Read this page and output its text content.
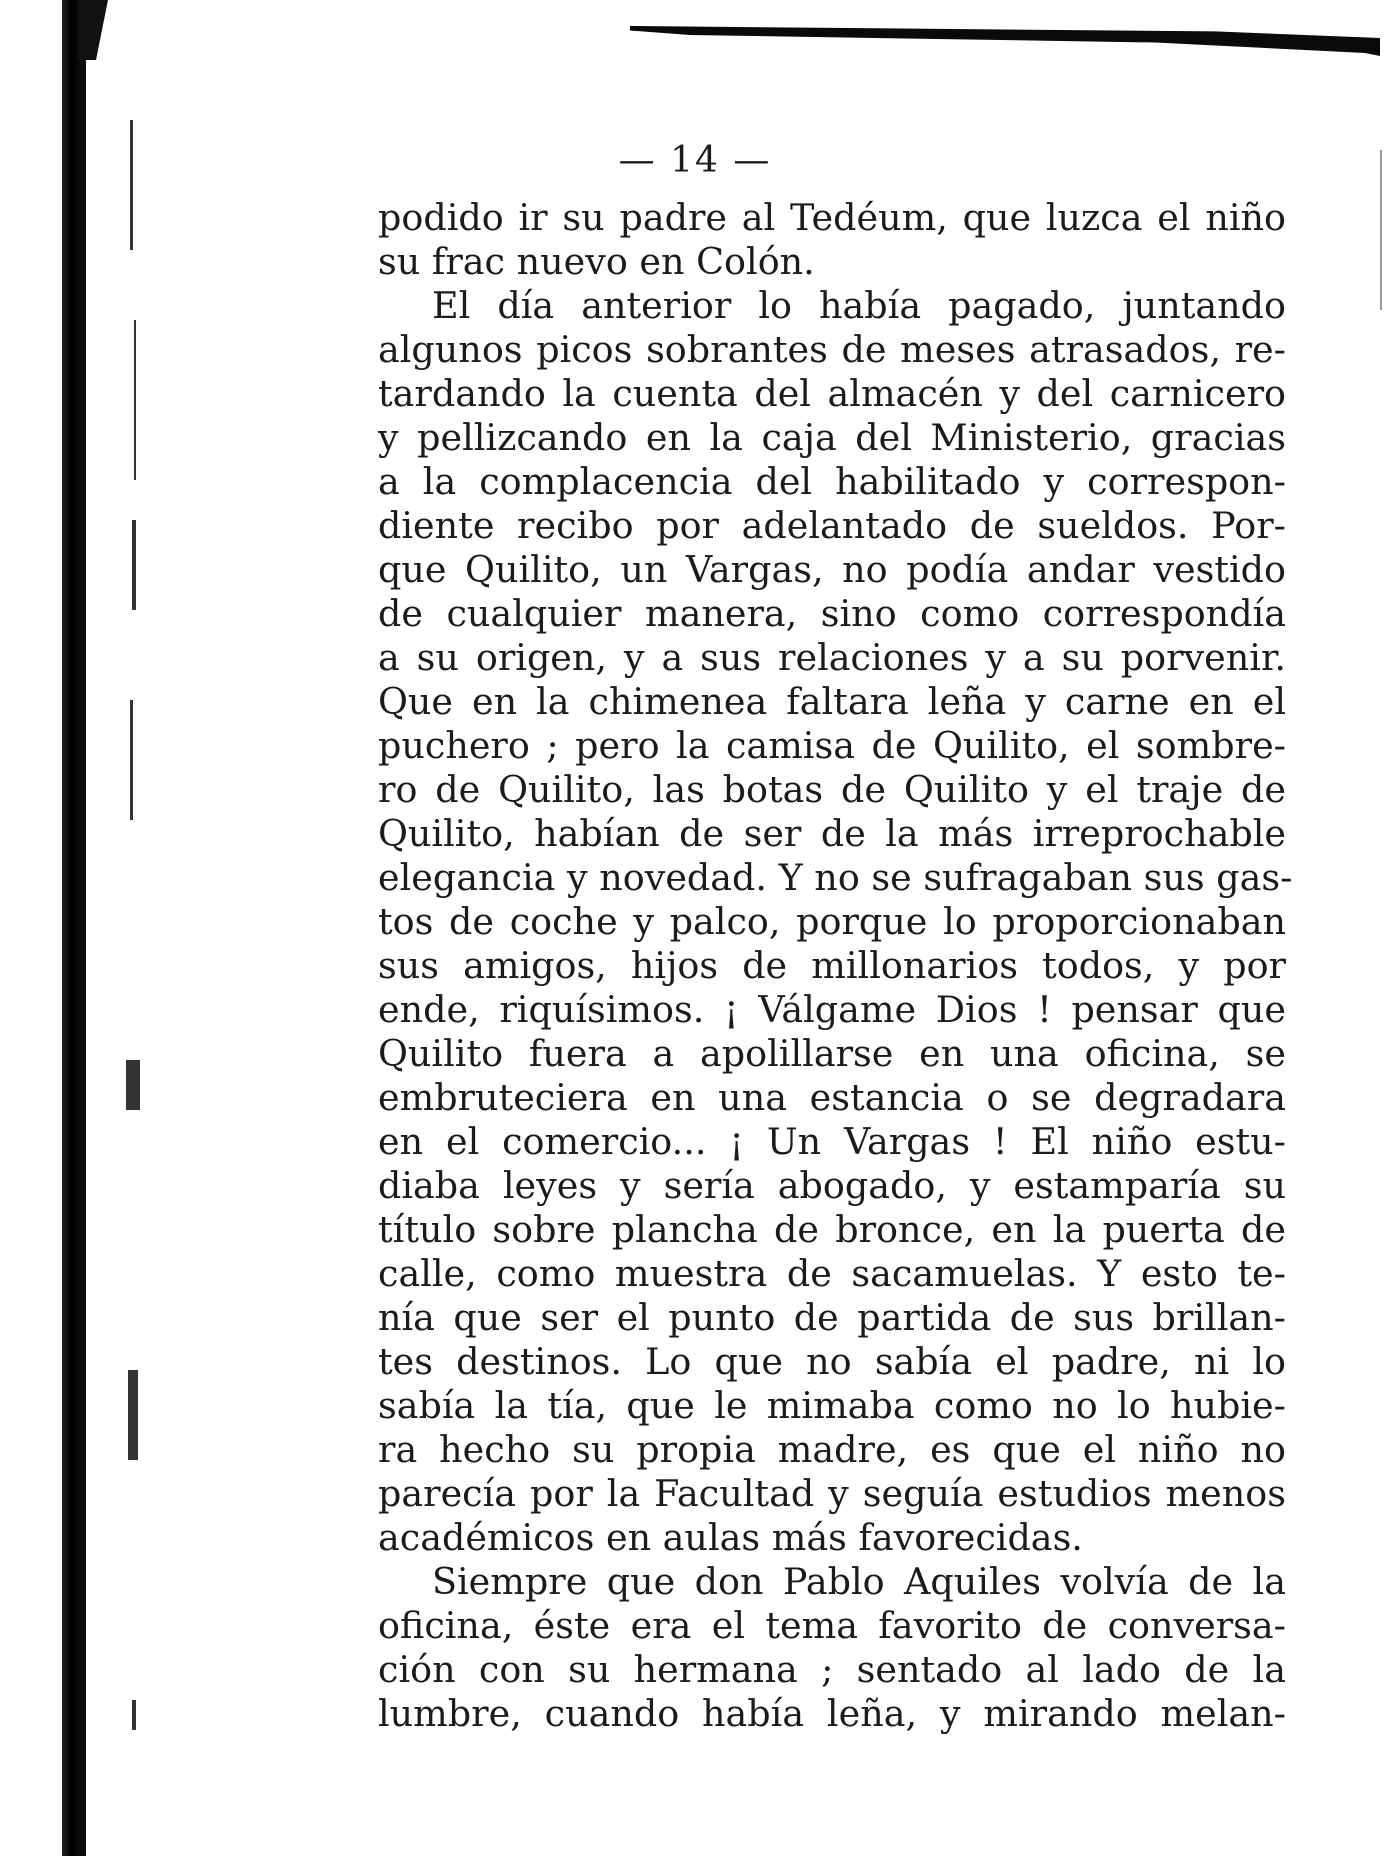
— 14 —
podido ir su padre al Tedéum, que luzca el niño
su frac nuevo en Colón.
El día anterior lo había pagado, juntando
algunos picos sobrantes de meses atrasados, re-
tardando la cuenta del almacén y del carnicero
y pellizcando en la caja del Ministerio, gracias
a la complacencia del habilitado y correspon-
diente recibo por adelantado de sueldos. Por-
que Quilito, un Vargas, no podía andar vestido
de cualquier manera, sino como correspondía
a su origen, y a sus relaciones y a su porvenir.
Que en la chimenea faltara leña y carne en el
puchero ; pero la camisa de Quilito, el sombre-
ro de Quilito, las botas de Quilito y el traje de
Quilito, habían de ser de la más irreprochable
elegancia y novedad. Y no se sufragaban sus gas-
tos de coche y palco, porque lo proporcionaban
sus amigos, hijos de millonarios todos, y por
ende, riquísimos. ¡ Válgame Dios ! pensar que
Quilito fuera a apolillarse en una oficina, se
embruteciera en una estancia o se degradara
en el comercio... ¡ Un Vargas ! El niño estu-
diaba leyes y sería abogado, y estamparía su
título sobre plancha de bronce, en la puerta de
calle, como muestra de sacamuelas. Y esto te-
nía que ser el punto de partida de sus brillan-
tes destinos. Lo que no sabía el padre, ni lo
sabía la tía, que le mimaba como no lo hubie-
ra hecho su propia madre, es que el niño no
parecía por la Facultad y seguía estudios menos
académicos en aulas más favorecidas.
Siempre que don Pablo Aquiles volvía de la
oficina, éste era el tema favorito de conversa-
ción con su hermana ; sentado al lado de la
lumbre, cuando había leña, y mirando melan-
